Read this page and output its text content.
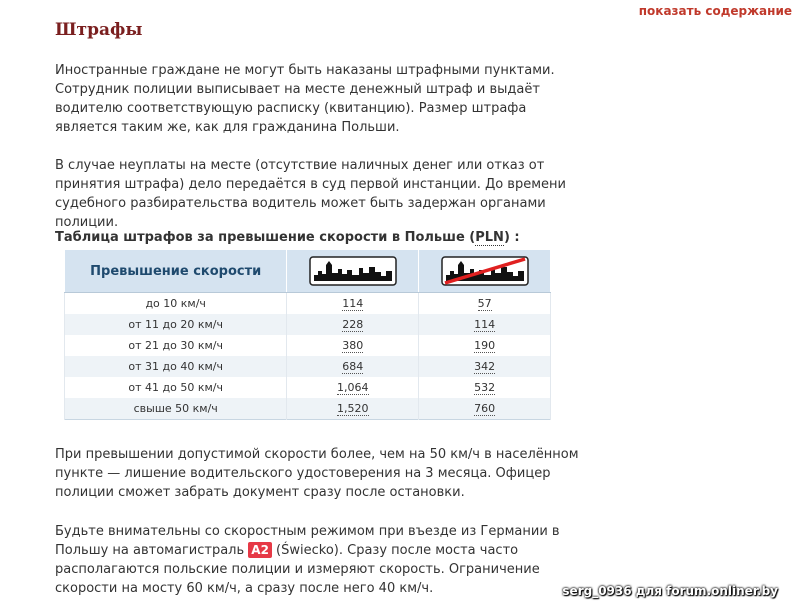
показать содержание
Штрафы

Иностранные граждане не могут быть наказаны штрафными пунктами. Сотрудник полиции выписывает на месте денежный штраф и выдаёт водителю соответствующую расписку (квитанцию). Размер штрафа является таким же, как для гражданина Польши.

В случае неуплаты на месте (отсутствие наличных денег или отказ от принятия штрафа) дело передаётся в суд первой инстанции. До времени судебного разбирательства водитель может быть задержан органами полиции.

Таблица штрафов за превышение скорости в Польше (PLN) :

Превышение скорости	

до 10 км/ч	114	57
от 11 до 20 км/ч	228	114
от 21 до 30 км/ч	380	190
от 31 до 40 км/ч	684	342
от 41 до 50 км/ч	1,064	532
свыше 50 км/ч	1,520	760

При превышении допустимой скорости более, чем на 50 км/ч в населённом пункте — лишение водительского удостоверения на 3 месяца. Офицер полиции сможет забрать документ сразу после остановки.

Будьте внимательны со скоростным режимом при въезде из Германии в Польшу на автомагистраль A2 (Świecko). Сразу после моста часто располагаются польские полиции и измеряют скорость. Ограничение скорости на мосту 60 км/ч, а сразу после него 40 км/ч.	serg_0936 для forum.onliner.by
